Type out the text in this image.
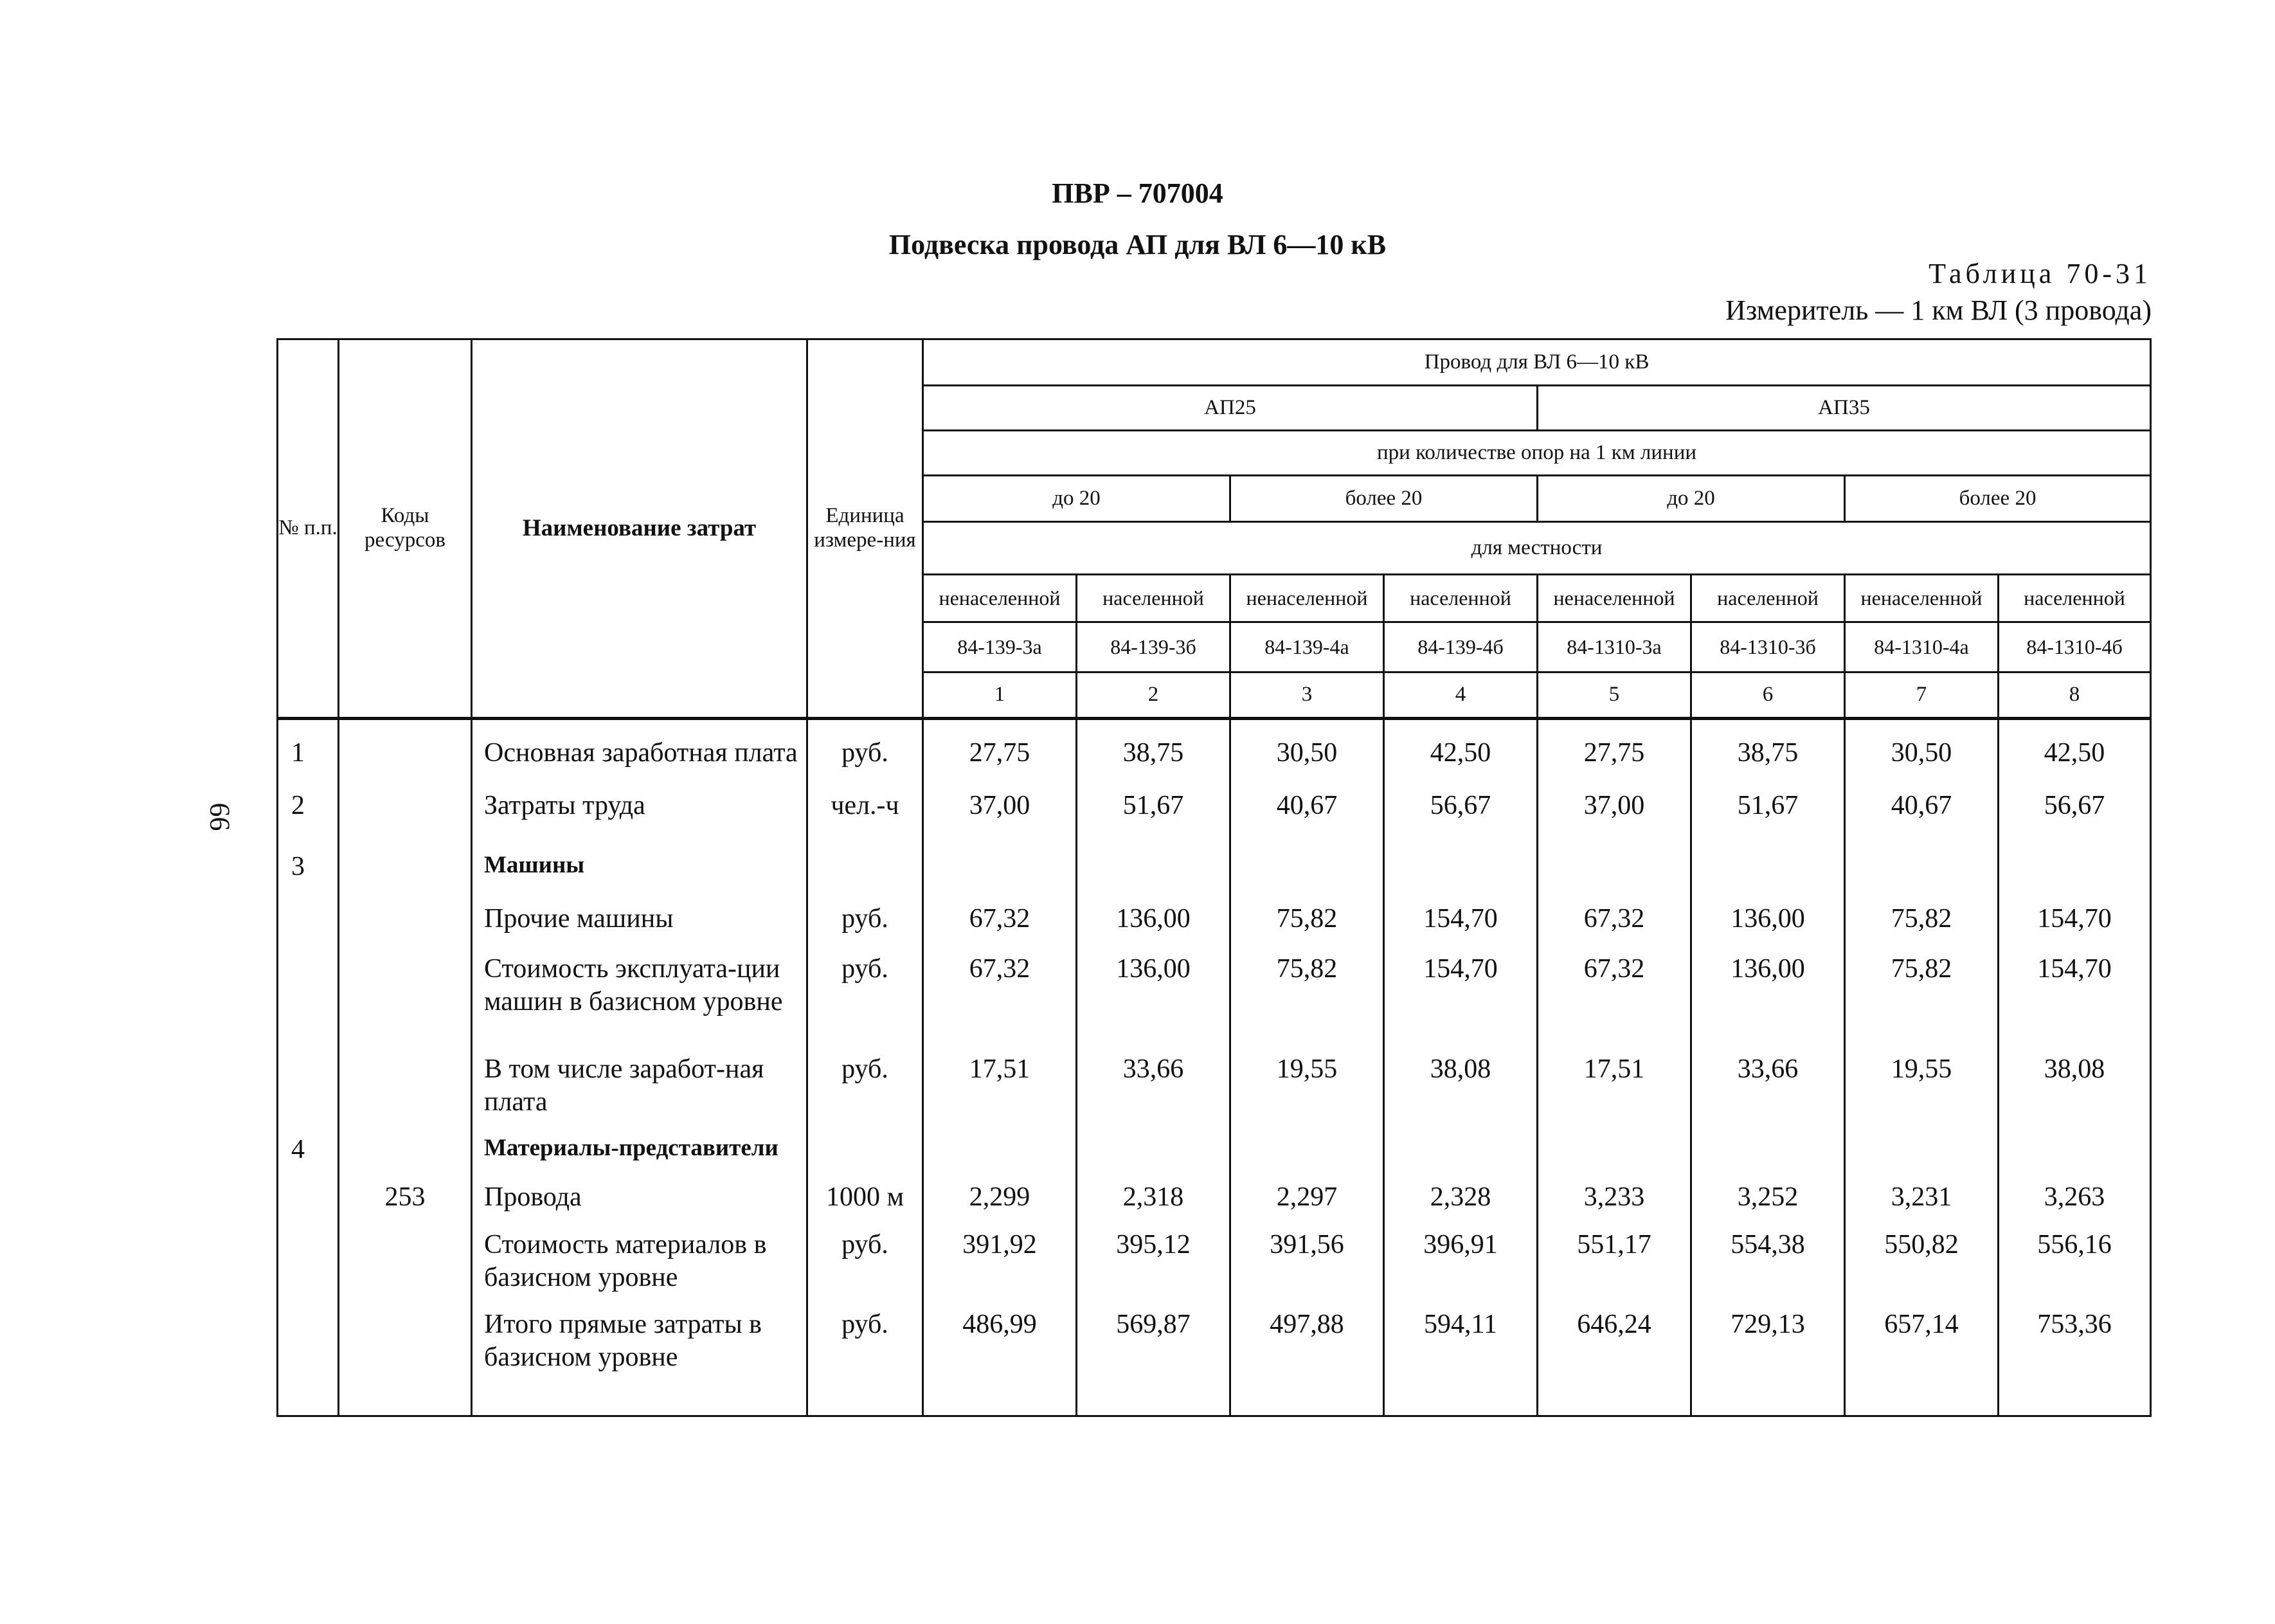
ПВР – 707004
Подвеска провода АП для ВЛ 6—10 кВ
Таблица 70-31
Измеритель — 1 км ВЛ (3 провода)
66
№ п.п.	Коды ресурсов	Наименование затрат	Единица измере-ния	Провод для ВЛ 6—10 кВ							
				АП25				АП35			
				при количестве опор на 1 км линии							
				до 20		более 20		до 20		более 20	
				для местности							
				ненаселенной	населенной	ненаселенной	населенной	ненаселенной	населенной	ненаселенной	населенной
				84-139-3а	84-139-3б	84-139-4а	84-139-4б	84-1310-3а	84-1310-3б	84-1310-4а	84-1310-4б
				1	2	3	4	5	6	7	8
1		Основная заработная плата	руб.	27,75	38,75	30,50	42,50	27,75	38,75	30,50	42,50
2		Затраты труда	чел.-ч	37,00	51,67	40,67	56,67	37,00	51,67	40,67	56,67
3		Машины									
		Прочие машины	руб.	67,32	136,00	75,82	154,70	67,32	136,00	75,82	154,70
		Стоимость эксплуата-ции машин в базисном уровне	руб.	67,32	136,00	75,82	154,70	67,32	136,00	75,82	154,70
		В том числе заработ-ная плата	руб.	17,51	33,66	19,55	38,08	17,51	33,66	19,55	38,08
4		Материалы-представители									
	253	Провода	1000 м	2,299	2,318	2,297	2,328	3,233	3,252	3,231	3,263
		Стоимость материалов в базисном уровне	руб.	391,92	395,12	391,56	396,91	551,17	554,38	550,82	556,16
		Итого прямые затраты в базисном уровне	руб.	486,99	569,87	497,88	594,11	646,24	729,13	657,14	753,36
